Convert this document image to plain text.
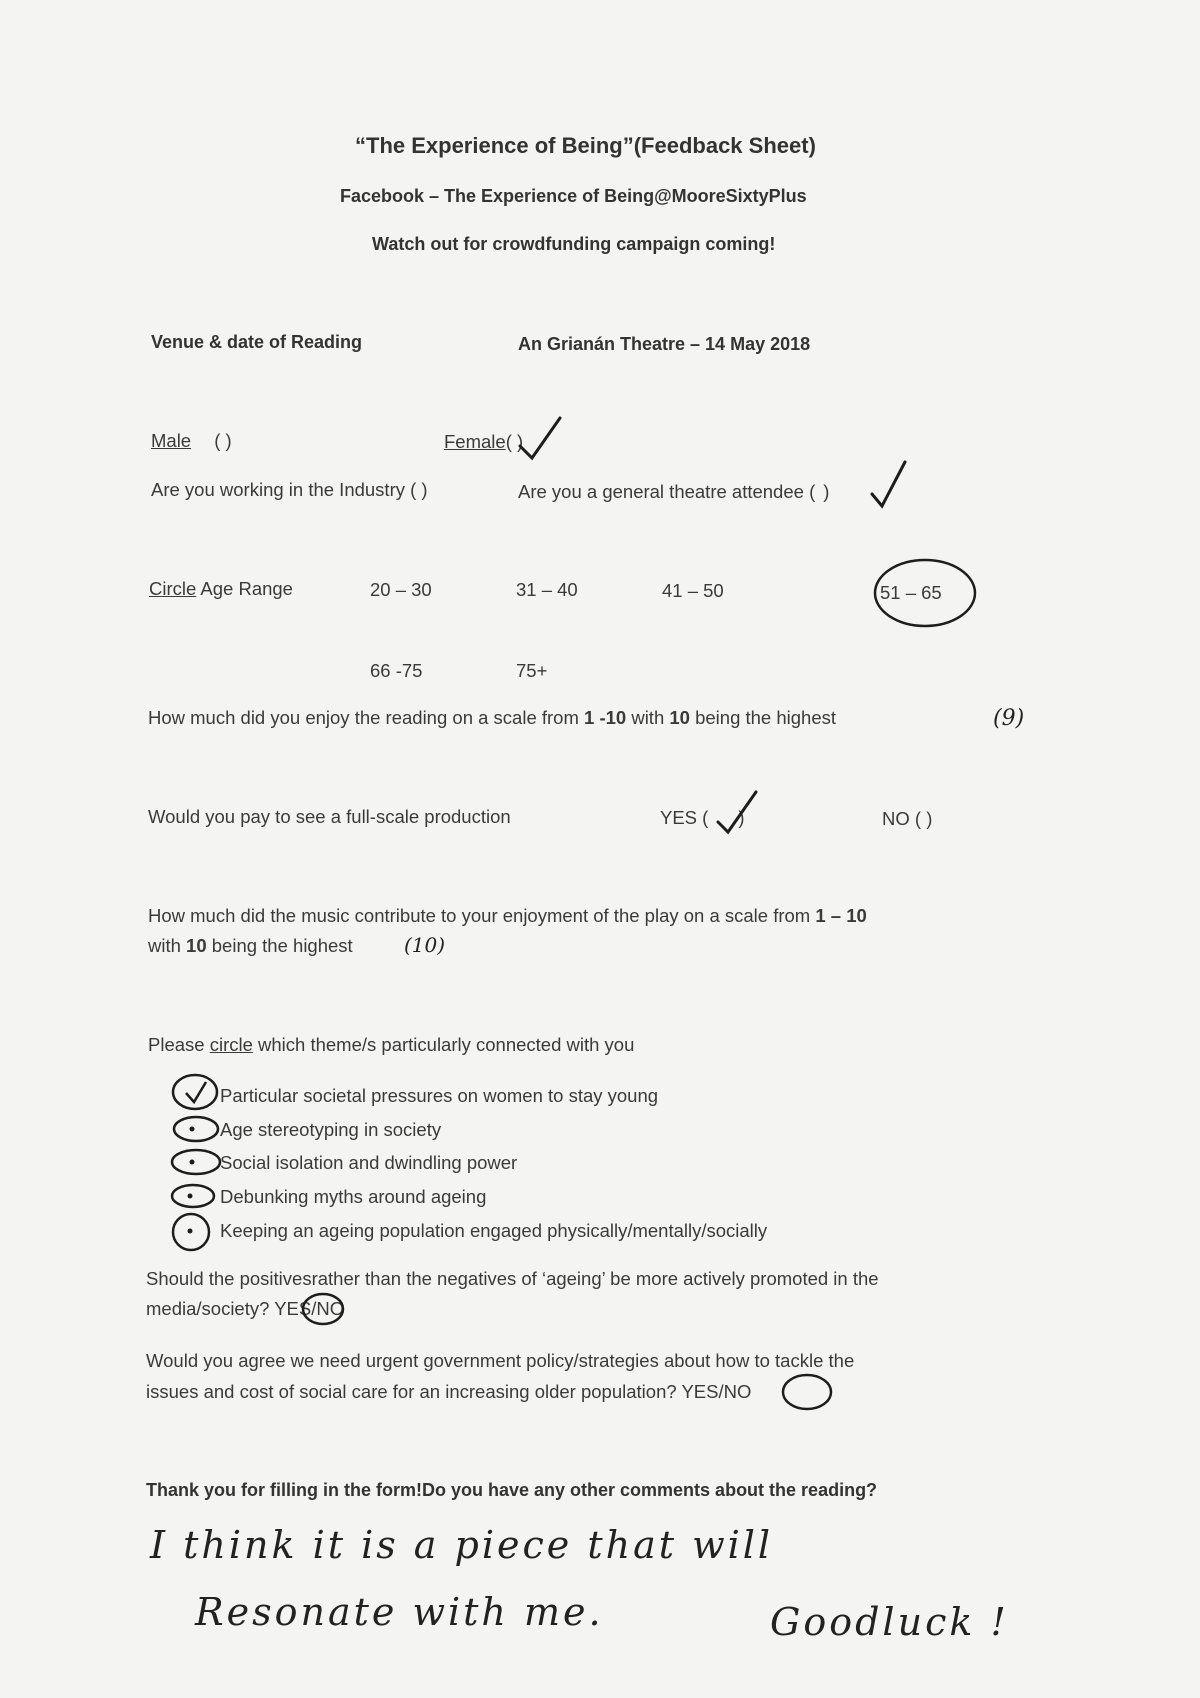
“The Experience of Being”(Feedback Sheet)
Facebook – The Experience of Being@MooreSixtyPlus
Watch out for crowdfunding campaign coming!
Venue & date of Reading	An Grianán Theatre – 14 May 2018
Male ( )	Female( )
Are you working in the Industry ( )	Are you a general theatre attendee ( )
Circle Age Range	20 – 30	31 – 40	41 – 50	51 – 65
66 -75	75+
How much did you enjoy the reading on a scale from 1 -10 with 10 being the highest	(9)
Would you pay to see a full-scale production	YES ( )	NO ( )
How much did the music contribute to your enjoyment of the play on a scale from 1 – 10
with 10 being the highest	(10)
Please circle which theme/s particularly connected with you
Particular societal pressures on women to stay young
Age stereotyping in society
Social isolation and dwindling power
Debunking myths around ageing
Keeping an ageing population engaged physically/mentally/socially
Should the positivesrather than the negatives of ‘ageing’ be more actively promoted in the
media/society? YES/NO
Would you agree we need urgent government policy/strategies about how to tackle the
issues and cost of social care for an increasing older population? YES/NO
Thank you for filling in the form!Do you have any other comments about the reading?
I think it is a piece that will
Resonate with me.	Goodluck !
